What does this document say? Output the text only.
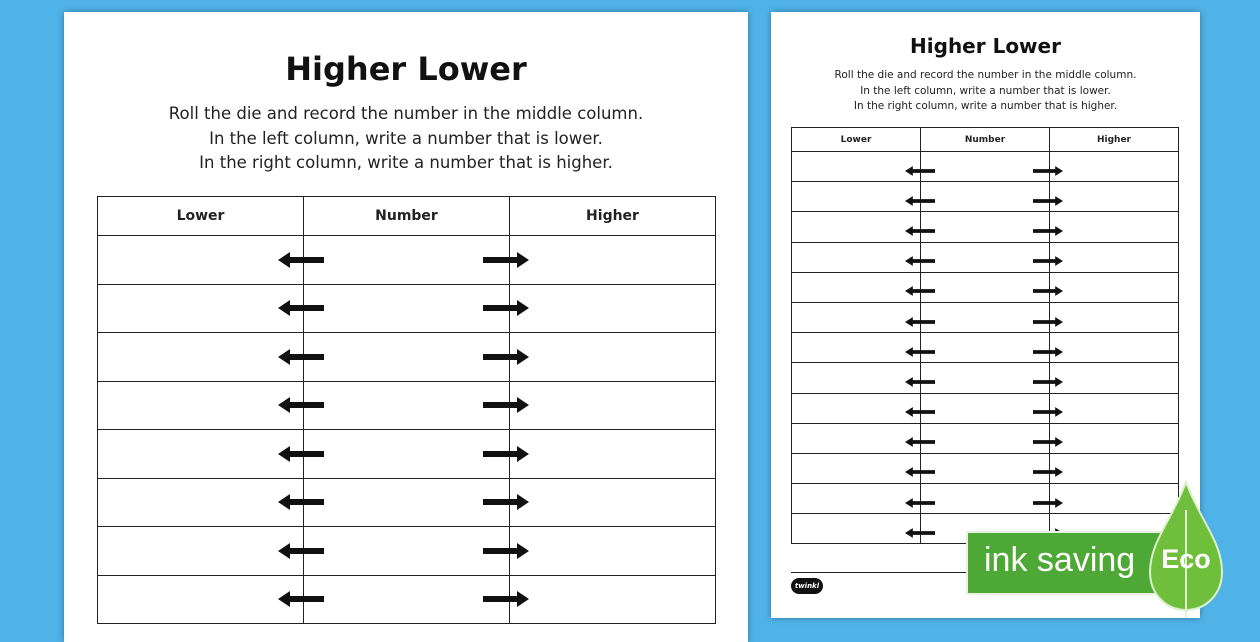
Higher Lower
Roll the die and record the number in the middle column.
In the left column, write a number that is lower.
In the right column, write a number that is higher.
Lower	Number	Higher

Higher Lower
Roll the die and record the number in the middle column.
In the left column, write a number that is lower.
In the right column, write a number that is higher.
Lower	Number	Higher

twinkl
ink saving Eco
